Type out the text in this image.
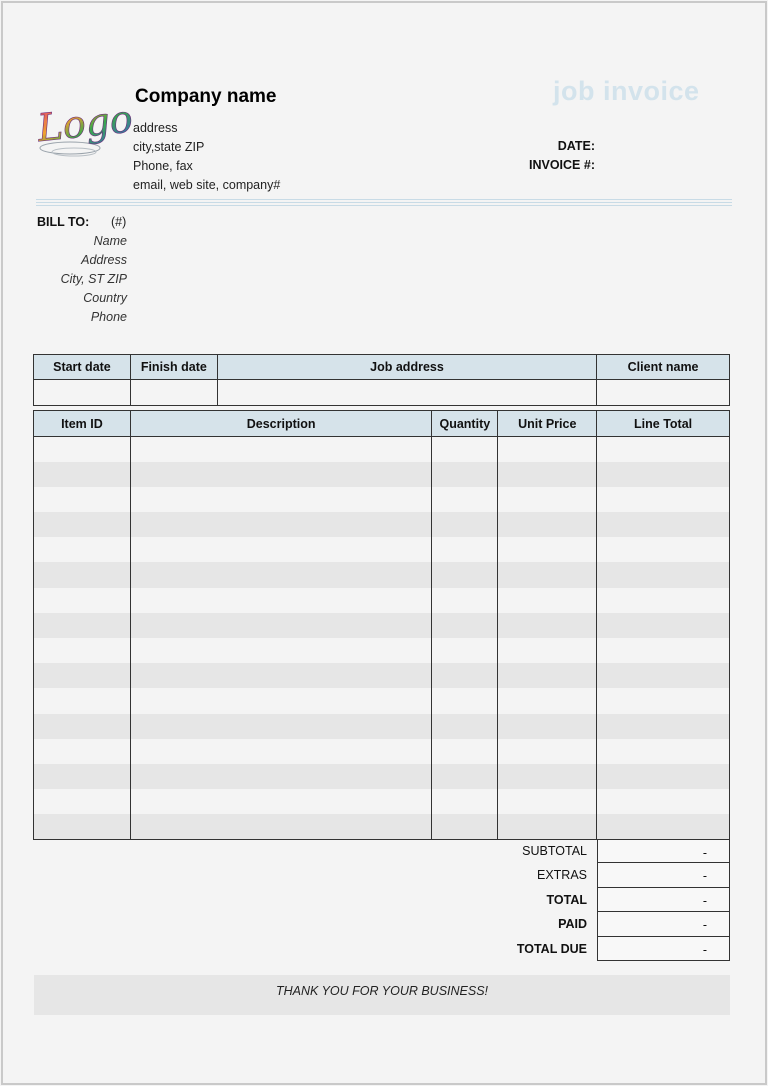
Logo
Company name
address
city,state ZIP
Phone, fax
email, web site, company#
job invoice
DATE:
INVOICE #:
BILL TO: (#)
Name
Address
City, ST ZIP
Country
Phone
Start date	Finish date	Job address	Client name

Item ID	Description	Quantity	Unit Price	Line Total

SUBTOTAL	-
EXTRAS	-
TOTAL	-
PAID	-
TOTAL DUE	-
THANK YOU FOR YOUR BUSINESS!
